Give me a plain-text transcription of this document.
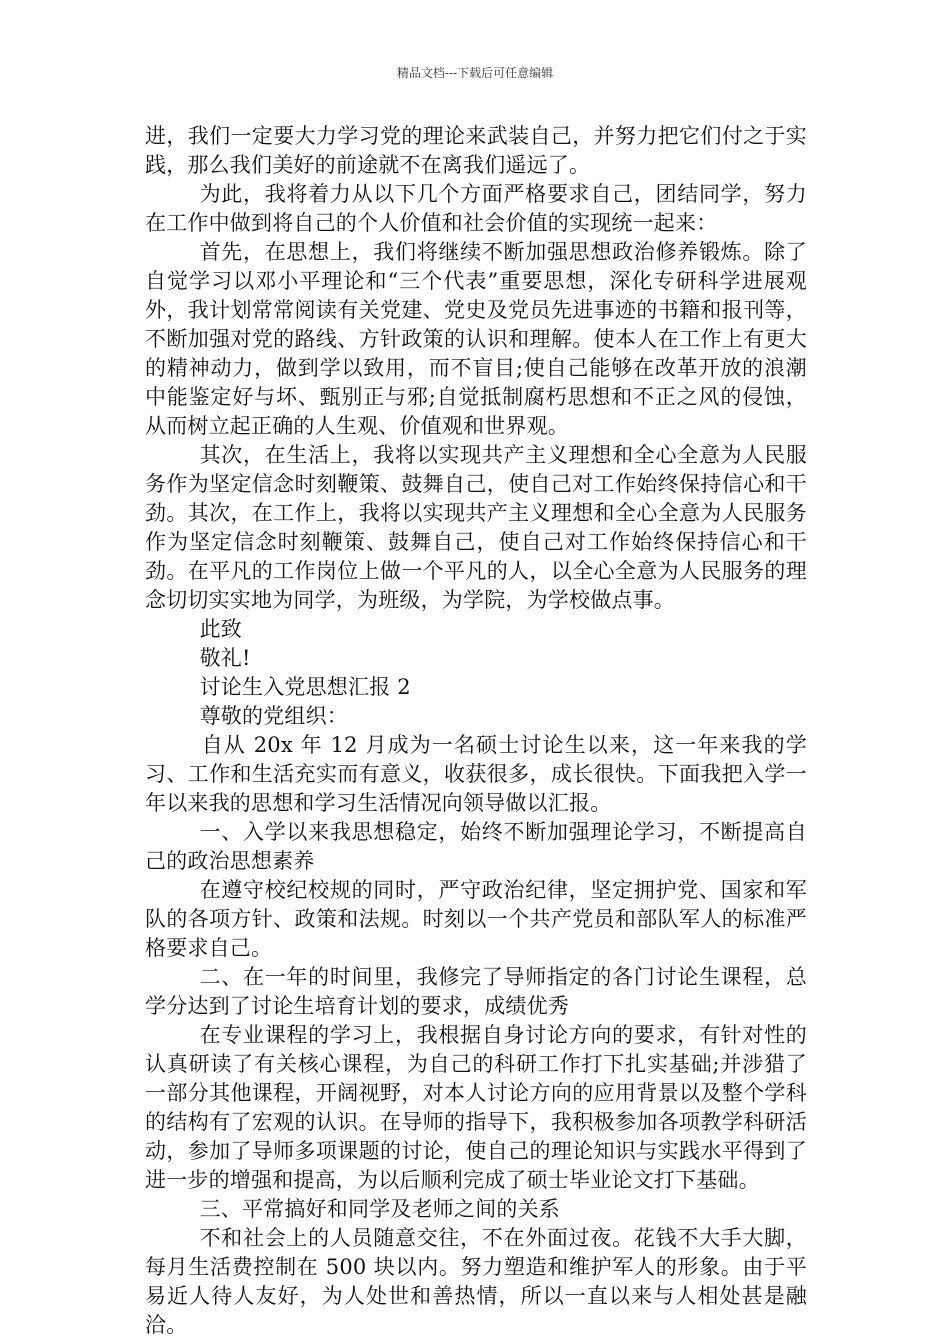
精品文档---下载后可任意编辑

进，我们一定要大力学习党的理论来武装自己，并努力把它们付之于实践，那么我们美好的前途就不在离我们遥远了。

为此，我将着力从以下几个方面严格要求自己，团结同学，努力在工作中做到将自己的个人价值和社会价值的实现统一起来：

首先，在思想上，我们将继续不断加强思想政治修养锻炼。除了自觉学习以邓小平理论和“三个代表”重要思想，深化专研科学进展观外，我计划常常阅读有关党建、党史及党员先进事迹的书籍和报刊等，不断加强对党的路线、方针政策的认识和理解。使本人在工作上有更大的精神动力，做到学以致用，而不盲目;使自己能够在改革开放的浪潮中能鉴定好与坏、甄别正与邪;自觉抵制腐朽思想和不正之风的侵蚀，从而树立起正确的人生观、价值观和世界观。

其次，在生活上，我将以实现共产主义理想和全心全意为人民服务作为坚定信念时刻鞭策、鼓舞自己，使自己对工作始终保持信心和干劲。其次，在工作上，我将以实现共产主义理想和全心全意为人民服务作为坚定信念时刻鞭策、鼓舞自己，使自己对工作始终保持信心和干劲。在平凡的工作岗位上做一个平凡的人，以全心全意为人民服务的理念切切实实地为同学，为班级，为学院，为学校做点事。

此致

敬礼!

讨论生入党思想汇报 2

尊敬的党组织：

自从 20x 年 12 月成为一名硕士讨论生以来，这一年来我的学习、工作和生活充实而有意义，收获很多，成长很快。下面我把入学一年以来我的思想和学习生活情况向领导做以汇报。

一、入学以来我思想稳定，始终不断加强理论学习，不断提高自己的政治思想素养

在遵守校纪校规的同时，严守政治纪律，坚定拥护党、国家和军队的各项方针、政策和法规。时刻以一个共产党员和部队军人的标准严格要求自己。

二、在一年的时间里，我修完了导师指定的各门讨论生课程，总学分达到了讨论生培育计划的要求，成绩优秀

在专业课程的学习上，我根据自身讨论方向的要求，有针对性的认真研读了有关核心课程，为自己的科研工作打下扎实基础;并涉猎了一部分其他课程，开阔视野，对本人讨论方向的应用背景以及整个学科的结构有了宏观的认识。在导师的指导下，我积极参加各项教学科研活动，参加了导师多项课题的讨论，使自己的理论知识与实践水平得到了进一步的增强和提高，为以后顺利完成了硕士毕业论文打下基础。

三、平常搞好和同学及老师之间的关系

不和社会上的人员随意交往，不在外面过夜。花钱不大手大脚，每月生活费控制在 500 块以内。努力塑造和维护军人的形象。由于平易近人待人友好，为人处世和善热情，所以一直以来与人相处甚是融洽。
